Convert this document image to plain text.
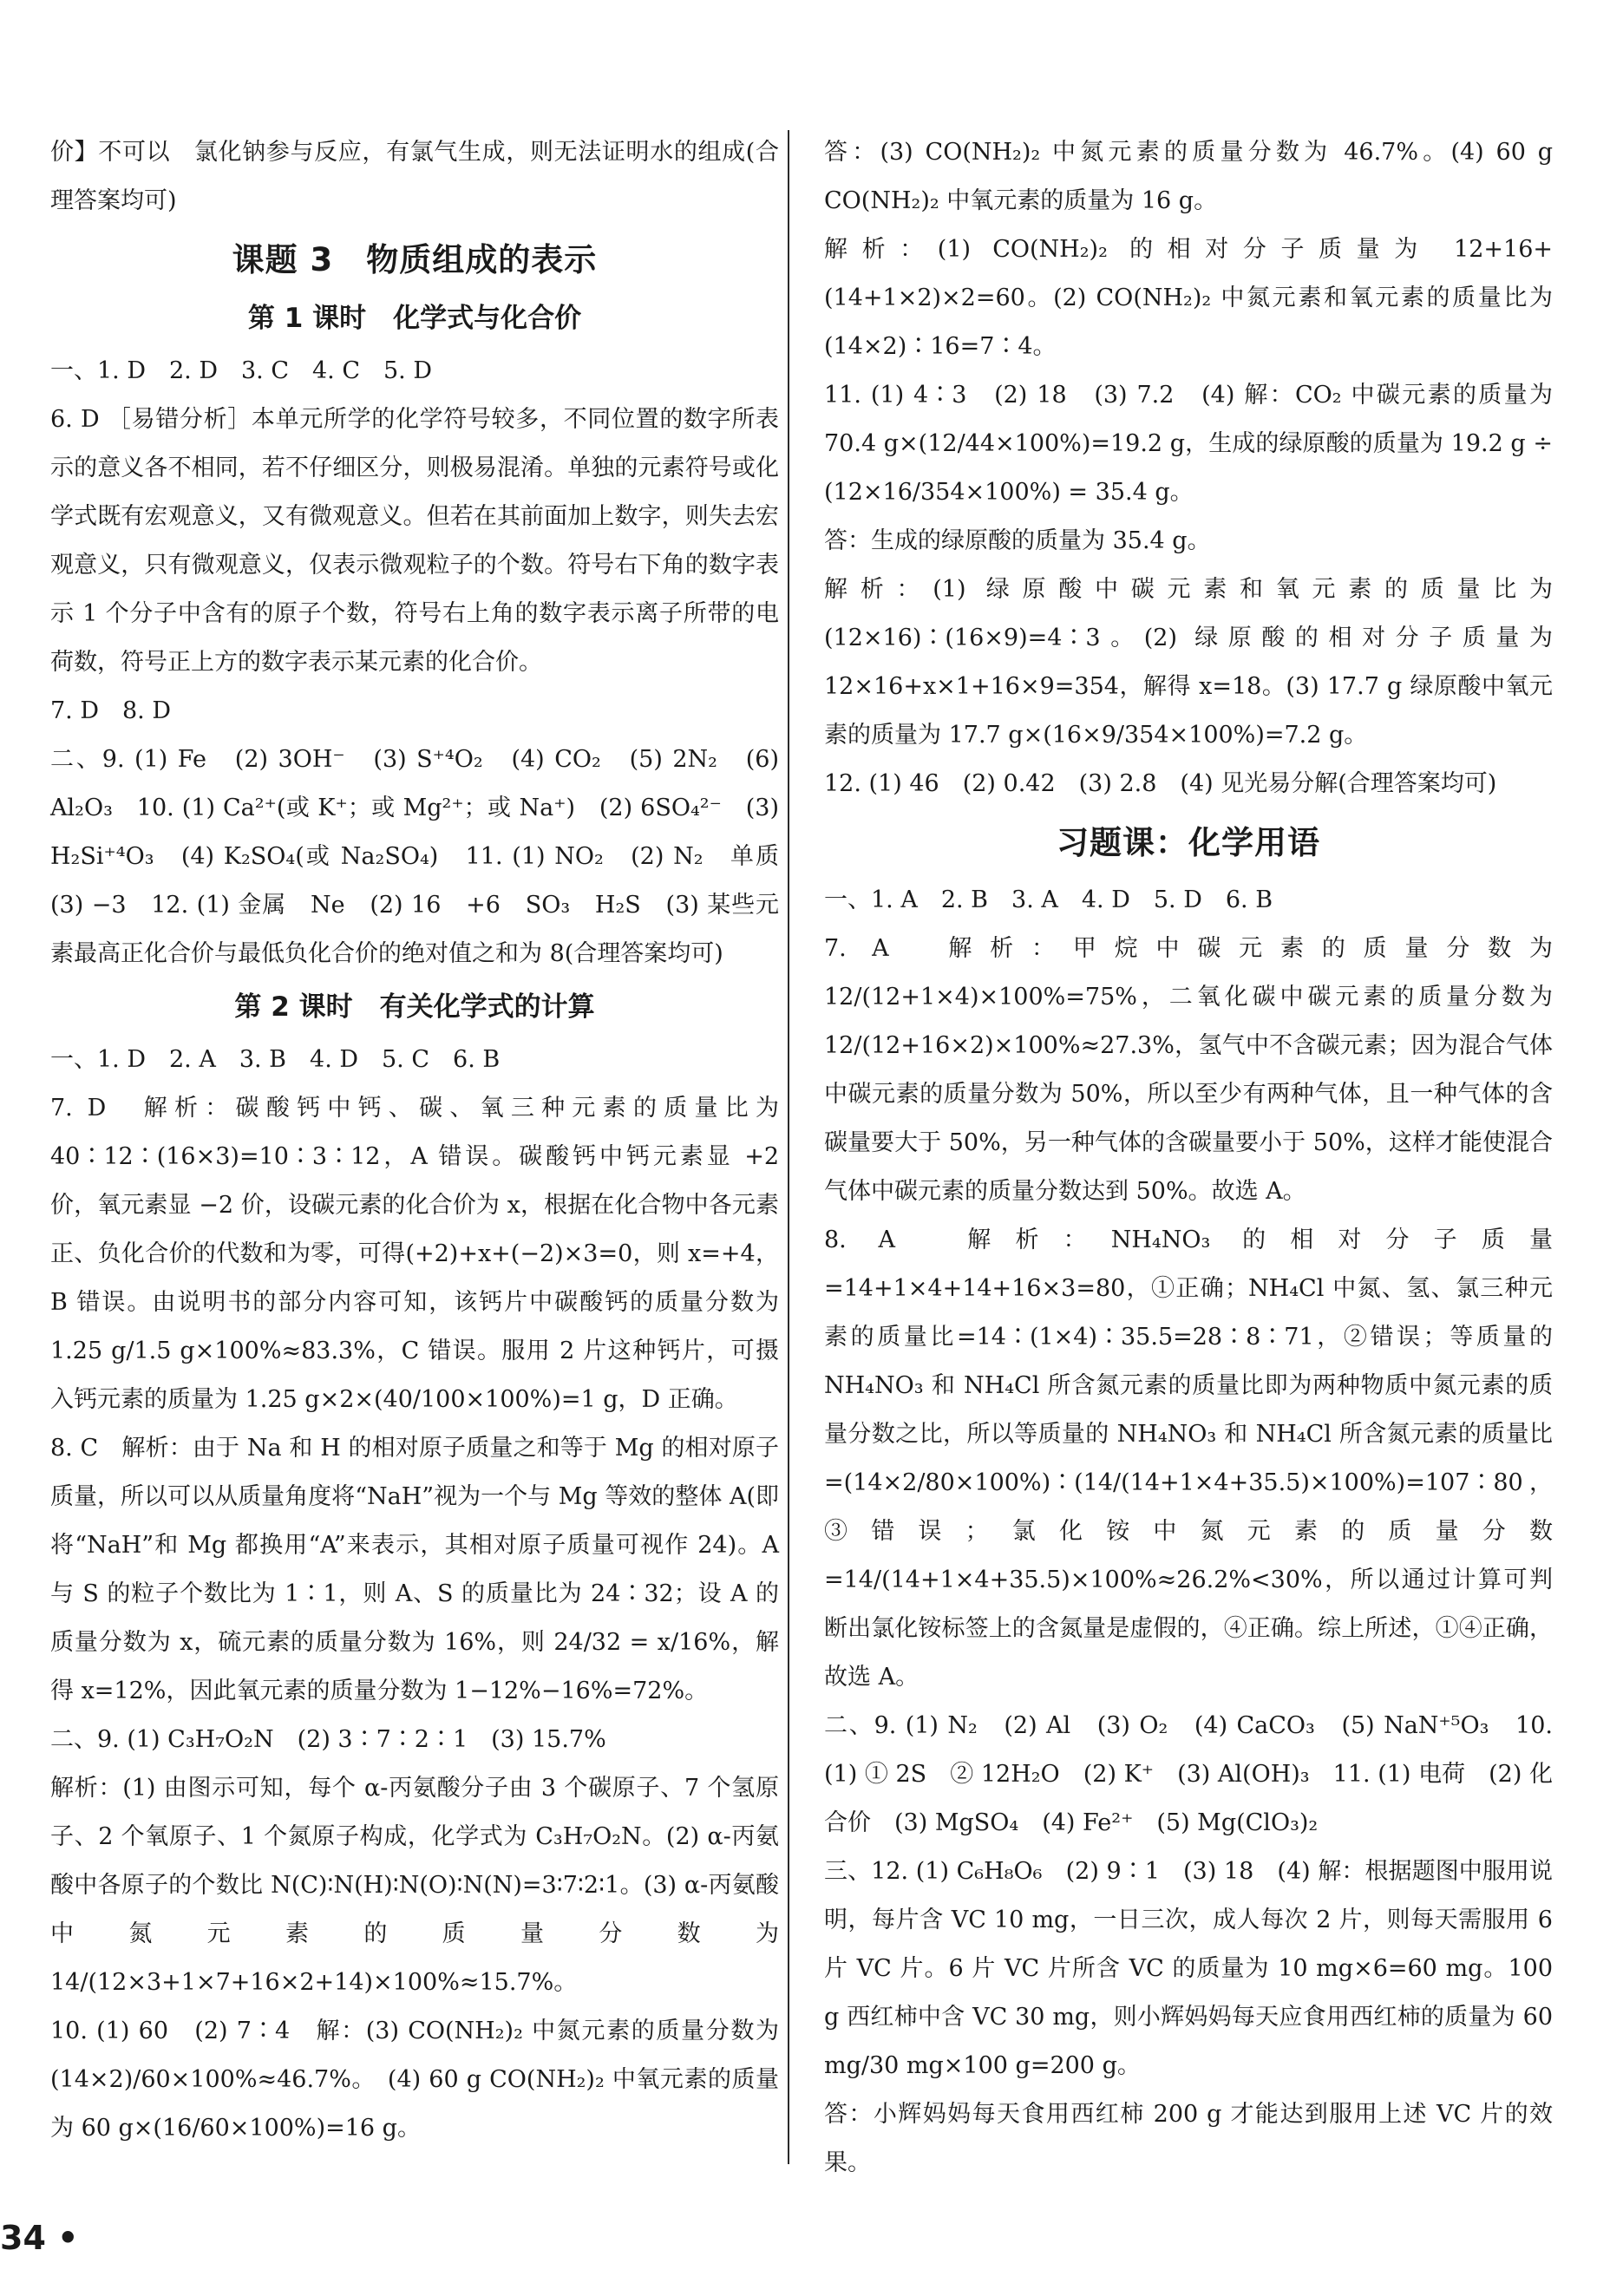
价】不可以　氯化钠参与反应，有氯气生成，则无法证明水的组成(合理答案均可)
课题 3　物质组成的表示
第 1 课时　化学式与化合价
一、1. D　2. D　3. C　4. C　5. D
6. D ［易错分析］本单元所学的化学符号较多，不同位置的数字所表示的意义各不相同，若不仔细区分，则极易混淆。单独的元素符号或化学式既有宏观意义，又有微观意义。但若在其前面加上数字，则失去宏观意义，只有微观意义，仅表示微观粒子的个数。符号右下角的数字表示 1 个分子中含有的原子个数，符号右上角的数字表示离子所带的电荷数，符号正上方的数字表示某元素的化合价。
7. D　8. D
二、9. (1) Fe　(2) 3OH⁻　(3) S⁺⁴O₂　(4) CO₂　(5) 2N₂　(6) Al₂O₃　10. (1) Ca²⁺(或 K⁺；或 Mg²⁺；或 Na⁺)　(2) 6SO₄²⁻　(3) H₂Si⁺⁴O₃　(4) K₂SO₄(或 Na₂SO₄)　11. (1) NO₂　(2) N₂　单质　(3) −3　12. (1) 金属　Ne　(2) 16　+6　SO₃　H₂S　(3) 某些元素最高正化合价与最低负化合价的绝对值之和为 8(合理答案均可)
第 2 课时　有关化学式的计算
一、1. D　2. A　3. B　4. D　5. C　6. B
7. D　解析：碳酸钙中钙、碳、氧三种元素的质量比为 40∶12∶(16×3)=10∶3∶12，A 错误。碳酸钙中钙元素显 +2 价，氧元素显 −2 价，设碳元素的化合价为 x，根据在化合物中各元素正、负化合价的代数和为零，可得(+2)+x+(−2)×3=0，则 x=+4，B 错误。由说明书的部分内容可知，该钙片中碳酸钙的质量分数为 1.25 g/1.5 g×100%≈83.3%，C 错误。服用 2 片这种钙片，可摄入钙元素的质量为 1.25 g×2×(40/100×100%)=1 g，D 正确。
8. C　解析：由于 Na 和 H 的相对原子质量之和等于 Mg 的相对原子质量，所以可以从质量角度将“NaH”视为一个与 Mg 等效的整体 A(即将“NaH”和 Mg 都换用“A”来表示，其相对原子质量可视作 24)。A 与 S 的粒子个数比为 1∶1，则 A、S 的质量比为 24∶32；设 A 的质量分数为 x，硫元素的质量分数为 16%，则 24/32 = x/16%，解得 x=12%，因此氧元素的质量分数为 1−12%−16%=72%。
二、9. (1) C₃H₇O₂N　(2) 3∶7∶2∶1　(3) 15.7%
解析：(1) 由图示可知，每个 α-丙氨酸分子由 3 个碳原子、7 个氢原子、2 个氧原子、1 个氮原子构成，化学式为 C₃H₇O₂N。(2) α-丙氨酸中各原子的个数比 N(C)∶N(H)∶N(O)∶N(N)=3∶7∶2∶1。(3) α-丙氨酸中氮元素的质量分数为 14/(12×3+1×7+16×2+14)×100%≈15.7%。
10. (1) 60　(2) 7∶4　解：(3) CO(NH₂)₂ 中氮元素的质量分数为 (14×2)/60×100%≈46.7%。　(4) 60 g CO(NH₂)₂ 中氧元素的质量为 60 g×(16/60×100%)=16 g。
答：(3) CO(NH₂)₂ 中氮元素的质量分数为 46.7%。(4) 60 g CO(NH₂)₂ 中氧元素的质量为 16 g。
解析：(1) CO(NH₂)₂ 的相对分子质量为 12+16+(14+1×2)×2=60。(2) CO(NH₂)₂ 中氮元素和氧元素的质量比为(14×2)∶16=7∶4。
11. (1) 4∶3　(2) 18　(3) 7.2　(4) 解：CO₂ 中碳元素的质量为 70.4 g×(12/44×100%)=19.2 g，生成的绿原酸的质量为 19.2 g ÷ (12×16/354×100%) = 35.4 g。
答：生成的绿原酸的质量为 35.4 g。
解析：(1) 绿原酸中碳元素和氧元素的质量比为(12×16)∶(16×9)=4∶3。(2) 绿原酸的相对分子质量为 12×16+x×1+16×9=354，解得 x=18。(3) 17.7 g 绿原酸中氧元素的质量为 17.7 g×(16×9/354×100%)=7.2 g。
12. (1) 46　(2) 0.42　(3) 2.8　(4) 见光易分解(合理答案均可)
习题课：化学用语
一、1. A　2. B　3. A　4. D　5. D　6. B
7. A　解析：甲烷中碳元素的质量分数为 12/(12+1×4)×100%=75%，二氧化碳中碳元素的质量分数为 12/(12+16×2)×100%≈27.3%，氢气中不含碳元素；因为混合气体中碳元素的质量分数为 50%，所以至少有两种气体，且一种气体的含碳量要大于 50%，另一种气体的含碳量要小于 50%，这样才能使混合气体中碳元素的质量分数达到 50%。故选 A。
8. A　解析：NH₄NO₃ 的相对分子质量=14+1×4+14+16×3=80，①正确；NH₄Cl 中氮、氢、氯三种元素的质量比=14∶(1×4)∶35.5=28∶8∶71，②错误；等质量的 NH₄NO₃ 和 NH₄Cl 所含氮元素的质量比即为两种物质中氮元素的质量分数之比，所以等质量的 NH₄NO₃ 和 NH₄Cl 所含氮元素的质量比=(14×2/80×100%)∶(14/(14+1×4+35.5)×100%)=107∶80，③错误；氯化铵中氮元素的质量分数=14/(14+1×4+35.5)×100%≈26.2%<30%，所以通过计算可判断出氯化铵标签上的含氮量是虚假的，④正确。综上所述，①④正确，故选 A。
二、9. (1) N₂　(2) Al　(3) O₂　(4) CaCO₃　(5) NaN⁺⁵O₃　10. (1) ① 2S　② 12H₂O　(2) K⁺　(3) Al(OH)₃　11. (1) 电荷　(2) 化合价　(3) MgSO₄　(4) Fe²⁺　(5) Mg(ClO₃)₂
三、12. (1) C₆H₈O₆　(2) 9∶1　(3) 18　(4) 解：根据题图中服用说明，每片含 VC 10 mg，一日三次，成人每次 2 片，则每天需服用 6 片 VC 片。6 片 VC 片所含 VC 的质量为 10 mg×6=60 mg。100 g 西红柿中含 VC 30 mg，则小辉妈妈每天应食用西红柿的质量为 60 mg/30 mg×100 g=200 g。
答：小辉妈妈每天食用西红柿 200 g 才能达到服用上述 VC 片的效果。
34 •
